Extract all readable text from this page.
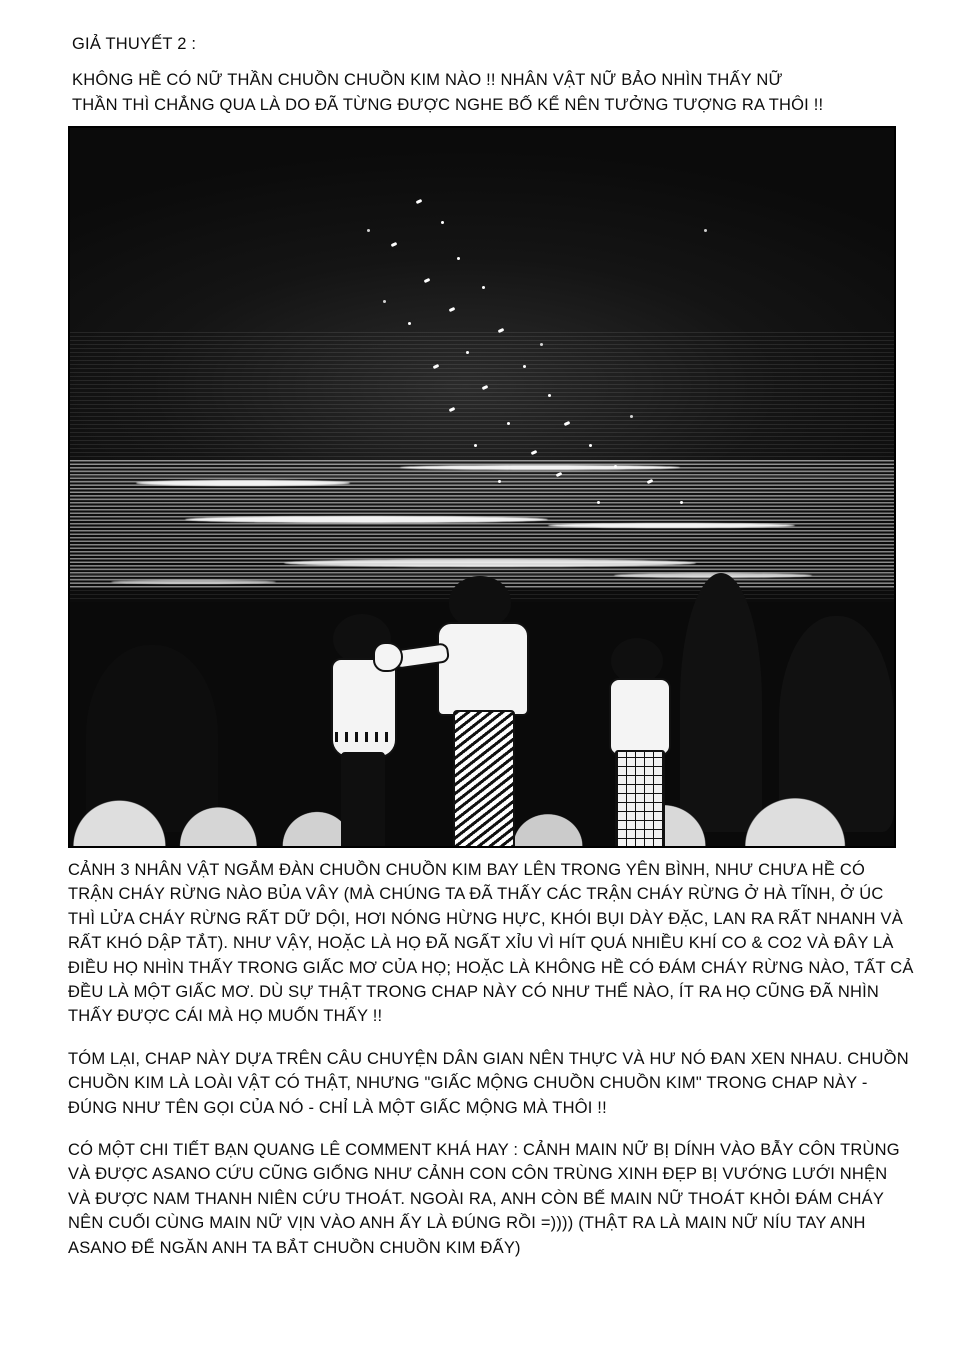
GIẢ THUYẾT 2 :
KHÔNG HỀ CÓ NỮ THẦN CHUỒN CHUỒN KIM NÀO !! NHÂN VẬT NỮ BẢO NHÌN THẤY NỮ
THẦN THÌ CHẲNG QUA LÀ DO ĐÃ TỪNG ĐƯỢC NGHE BỐ KỂ NÊN TƯỞNG TƯỢNG RA THÔI !!

CẢNH 3 NHÂN VẬT NGẮM ĐÀN CHUỒN CHUỒN KIM BAY LÊN TRONG YÊN BÌNH, NHƯ CHƯA HỀ CÓ TRẬN CHÁY RỪNG NÀO BỦA VÂY (MÀ CHÚNG TA ĐÃ THẤY CÁC TRẬN CHÁY RỪNG Ở HÀ TĨNH, Ở ÚC THÌ LỬA CHÁY RỪNG RẤT DỮ DỘI, HƠI NÓNG HỪNG HỰC, KHÓI BỤI DÀY ĐẶC, LAN RA RẤT NHANH VÀ RẤT KHÓ DẬP TẮT). NHƯ VẬY, HOẶC LÀ HỌ ĐÃ NGẤT XỈU VÌ HÍT QUÁ NHIỀU KHÍ CO & CO2 VÀ ĐÂY LÀ ĐIỀU HỌ NHÌN THẤY TRONG GIẤC MƠ CỦA HỌ; HOẶC LÀ KHÔNG HỀ CÓ ĐÁM CHÁY RỪNG NÀO, TẤT CẢ ĐỀU LÀ MỘT GIẤC MƠ. DÙ SỰ THẬT TRONG CHAP NÀY CÓ NHƯ THẾ NÀO, ÍT RA HỌ CŨNG ĐÃ NHÌN THẤY ĐƯỢC CÁI MÀ HỌ MUỐN THẤY !!

TÓM LẠI, CHAP NÀY DỰA TRÊN CÂU CHUYỆN DÂN GIAN NÊN THỰC VÀ HƯ NÓ ĐAN XEN NHAU. CHUỒN CHUỒN KIM LÀ LOÀI VẬT CÓ THẬT, NHƯNG "GIẤC MỘNG CHUỒN CHUỒN KIM" TRONG CHAP NÀY - ĐÚNG NHƯ TÊN GỌI CỦA NÓ - CHỈ LÀ MỘT GIẤC MỘNG MÀ THÔI !!

CÓ MỘT CHI TIẾT BẠN QUANG LÊ COMMENT KHÁ HAY : CẢNH MAIN NỮ BỊ DÍNH VÀO BẪY CÔN TRÙNG VÀ ĐƯỢC ASANO CỨU CŨNG GIỐNG NHƯ CẢNH CON CÔN TRÙNG XINH ĐẸP BỊ VƯỚNG LƯỚI NHỆN VÀ ĐƯỢC NAM THANH NIÊN CỨU THOÁT. NGOÀI RA, ANH CÒN BẾ MAIN NỮ THOÁT KHỎI ĐÁM CHÁY NÊN CUỐI CÙNG MAIN NỮ VỊN VÀO ANH ẤY LÀ ĐÚNG RỒI =)))) (THẬT RA LÀ MAIN NỮ NÍU TAY ANH ASANO ĐỂ NGĂN ANH TA BẮT CHUỒN CHUỒN KIM ĐẤY)
